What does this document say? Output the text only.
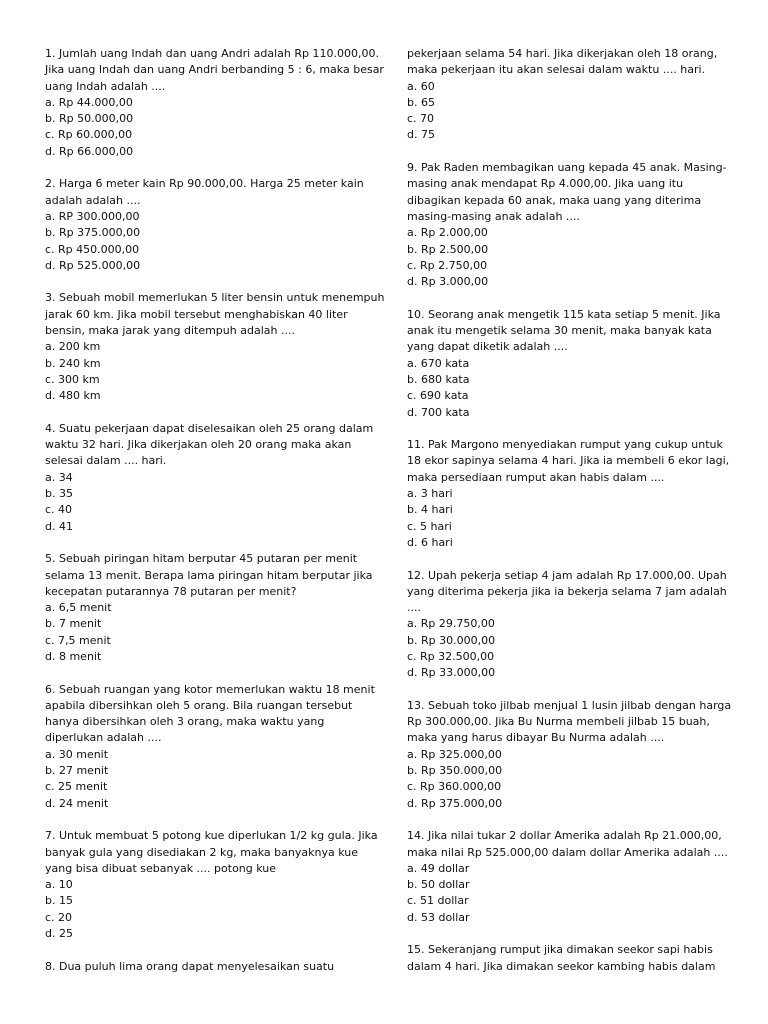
1. Jumlah uang Indah dan uang Andri adalah Rp 110.000,00. Jika uang Indah dan uang Andri berbanding 5 : 6, maka besar uang Indah adalah ....
a. Rp 44.000,00
b. Rp 50.000,00
c. Rp 60.000,00
d. Rp 66.000,00
2. Harga 6 meter kain Rp 90.000,00. Harga 25 meter kain adalah adalah ....
a. RP 300.000,00
b. Rp 375.000,00
c. Rp 450.000,00
d. Rp 525.000,00
3. Sebuah mobil memerlukan 5 liter bensin untuk menempuh jarak 60 km. Jika mobil tersebut menghabiskan 40 liter bensin, maka jarak yang ditempuh adalah ....
a. 200 km
b. 240 km
c. 300 km
d. 480 km
4. Suatu pekerjaan dapat diselesaikan oleh 25 orang dalam waktu 32 hari. Jika dikerjakan oleh 20 orang maka akan selesai dalam .... hari.
a. 34
b. 35
c. 40
d. 41
5. Sebuah piringan hitam berputar 45 putaran per menit selama 13 menit. Berapa lama piringan hitam berputar jika kecepatan putarannya 78 putaran per menit?
a. 6,5 menit
b. 7 menit
c. 7,5 menit
d. 8 menit
6. Sebuah ruangan yang kotor memerlukan waktu 18 menit apabila dibersihkan oleh 5 orang. Bila ruangan tersebut hanya dibersihkan oleh 3 orang, maka waktu yang diperlukan adalah ....
a. 30 menit
b. 27 menit
c. 25 menit
d. 24 menit
7. Untuk membuat 5 potong kue diperlukan 1/2 kg gula. Jika banyak gula yang disediakan 2 kg, maka banyaknya kue yang bisa dibuat sebanyak .... potong kue
a. 10
b. 15
c. 20
d. 25

8. Dua puluh lima orang dapat menyelesaikan suatu

pekerjaan selama 54 hari. Jika dikerjakan oleh 18 orang, maka pekerjaan itu akan selesai dalam waktu .... hari.
a. 60
b. 65
c. 70
d. 75
9. Pak Raden membagikan uang kepada 45 anak. Masing-masing anak mendapat Rp 4.000,00. Jika uang itu dibagikan kepada 60 anak, maka uang yang diterima masing-masing anak adalah ....
a. Rp 2.000,00
b. Rp 2.500,00
c. Rp 2.750,00
d. Rp 3.000,00
10. Seorang anak mengetik 115 kata setiap 5 menit. Jika anak itu mengetik selama 30 menit, maka banyak kata yang dapat diketik adalah ....
a. 670 kata
b. 680 kata
c. 690 kata
d. 700 kata
11. Pak Margono menyediakan rumput yang cukup untuk 18 ekor sapinya selama 4 hari. Jika ia membeli 6 ekor lagi, maka persediaan rumput akan habis dalam ....
a. 3 hari
b. 4 hari
c. 5 hari
d. 6 hari
12. Upah pekerja setiap 4 jam adalah Rp 17.000,00. Upah yang diterima pekerja jika ia bekerja selama 7 jam adalah ....
a. Rp 29.750,00
b. Rp 30.000,00
c. Rp 32.500,00
d. Rp 33.000,00
13. Sebuah toko jilbab menjual 1 lusin jilbab dengan harga Rp 300.000,00. Jika Bu Nurma membeli jilbab 15 buah, maka yang harus dibayar Bu Nurma adalah ....
a. Rp 325.000,00
b. Rp 350.000,00
c. Rp 360.000,00
d. Rp 375.000,00
14. Jika nilai tukar 2 dollar Amerika adalah Rp 21.000,00, maka nilai Rp 525.000,00 dalam dollar Amerika adalah ....
a. 49 dollar
b. 50 dollar
c. 51 dollar
d. 53 dollar

15. Sekeranjang rumput jika dimakan seekor sapi habis dalam 4 hari. Jika dimakan seekor kambing habis dalam
